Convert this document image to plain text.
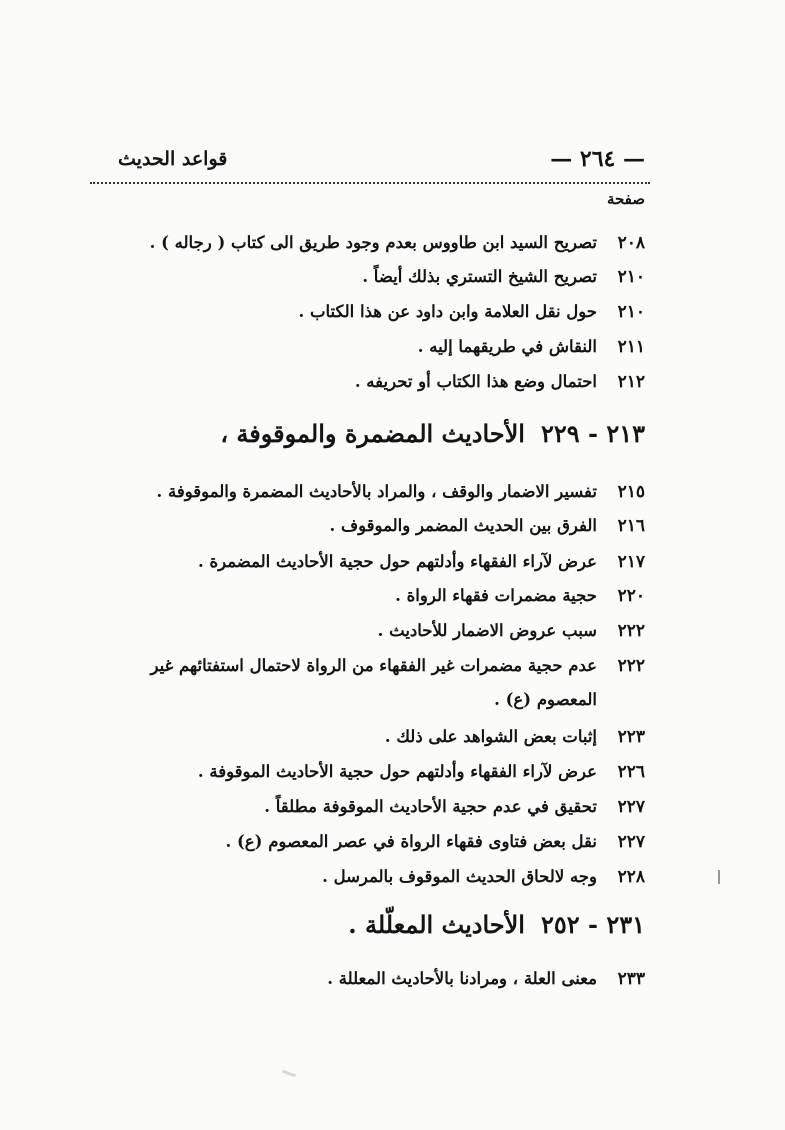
— ٢٦٤ —
قواعد الحديث
صفحة
٢٠٨
تصريح السيد ابن طاووس بعدم وجود طريق الى كتاب ( رجاله ) .
٢١٠
تصريح الشيخ التستري بذلك أيضاً .
٢١٠
حول نقل العلامة وابن داود عن هذا الكتاب .
٢١١
النقاش في طريقهما إليه .
٢١٢
احتمال وضع هذا الكتاب أو تحريفه .
٢١٣ - ٢٢٩
الأحاديث المضمرة والموقوفة ،
٢١٥
تفسير الاضمار والوقف ، والمراد بالأحاديث المضمرة والموقوفة .
٢١٦
الفرق بين الحديث المضمر والموقوف .
٢١٧
عرض لآراء الفقهاء وأدلتهم حول حجية الأحاديث المضمرة .
٢٢٠
حجية مضمرات فقهاء الرواة .
٢٢٢
سبب عروض الاضمار للأحاديث .
٢٢٢
عدم حجية مضمرات غير الفقهاء من الرواة لاحتمال استفتائهم غير
المعصوم (ع) .
٢٢٣
إثبات بعض الشواهد على ذلك .
٢٢٦
عرض لآراء الفقهاء وأدلتهم حول حجية الأحاديث الموقوفة .
٢٢٧
تحقيق في عدم حجية الأحاديث الموقوفة مطلقاً .
٢٢٧
نقل بعض فتاوى فقهاء الرواة في عصر المعصوم (ع) .
٢٢٨
وجه لالحاق الحديث الموقوف بالمرسل .
٢٣١ - ٢٥٢
الأحاديث المعلّلة .
٢٣٣
معنى العلة ، ومرادنا بالأحاديث المعللة .
